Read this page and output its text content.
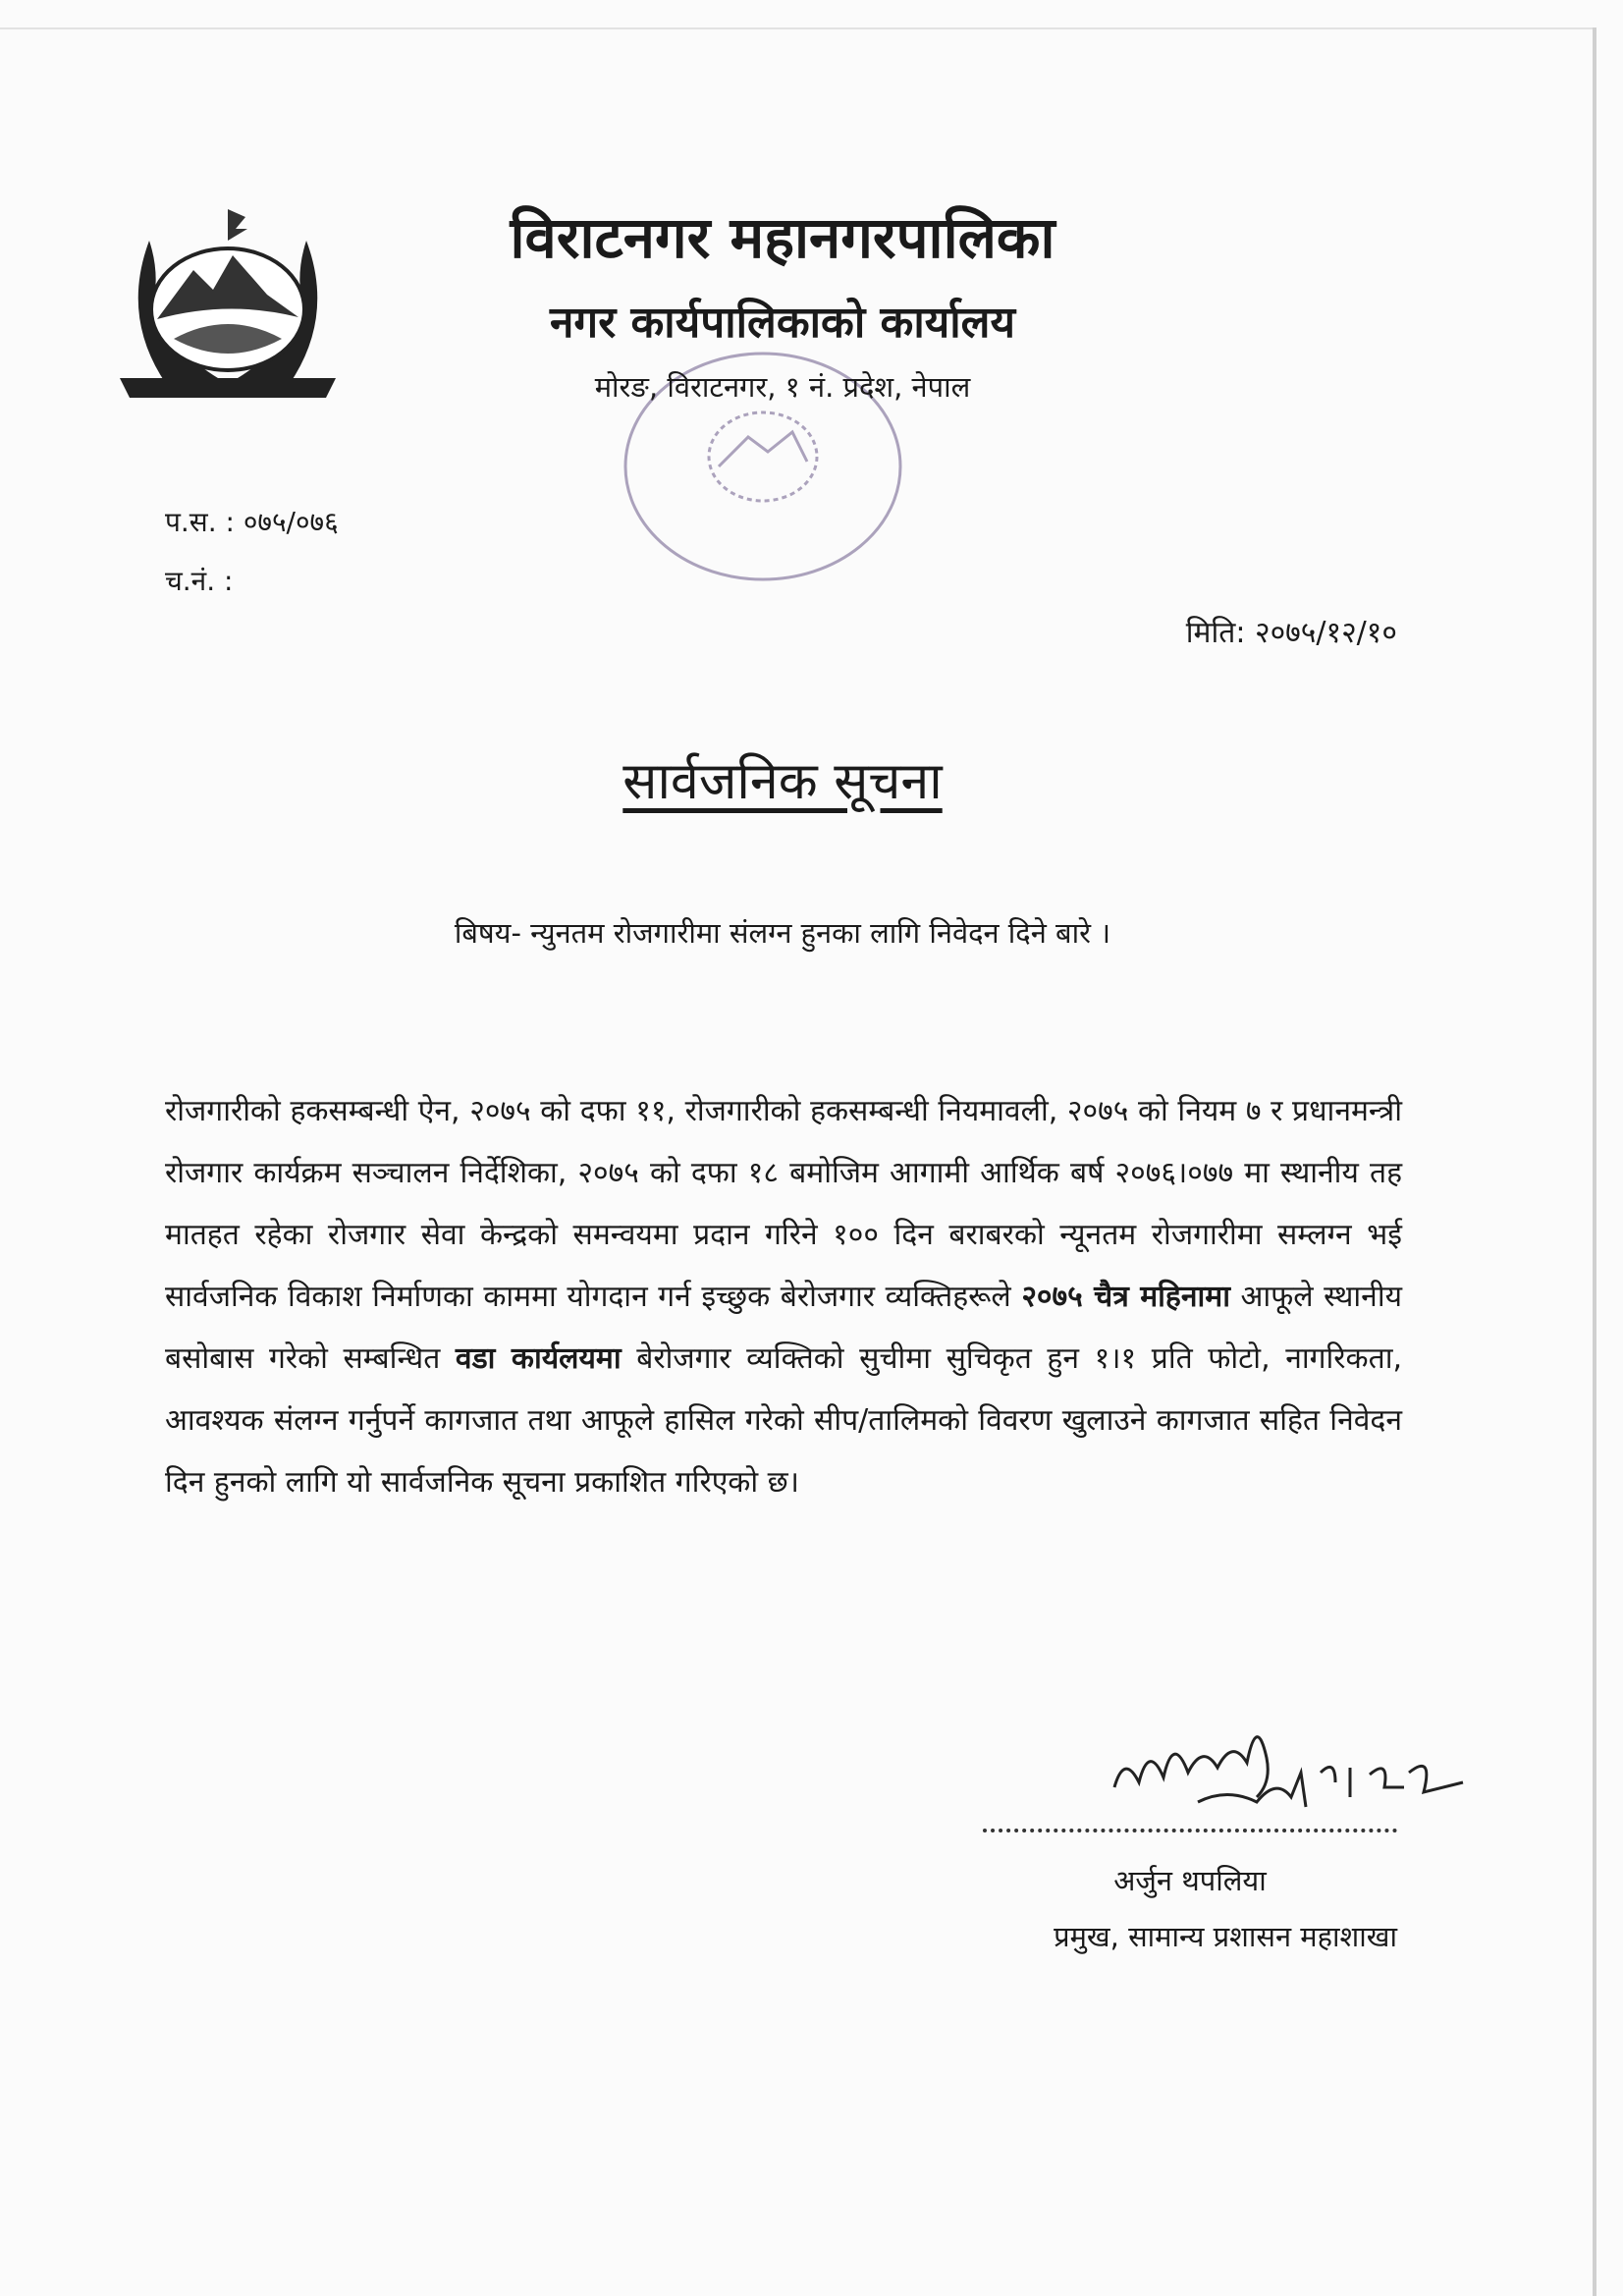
विराटनगर महानगरपालिका
नगर कार्यपालिकाको कार्यालय
मोरङ, विराटनगर, १ नं. प्रदेश, नेपाल
प.स. : ०७५/०७६
च.नं. :
मिति: २०७५/१२/१०
सार्वजनिक सूचना
बिषय- न्युनतम रोजगारीमा संलग्न हुनका लागि निवेदन दिने बारे ।
रोजगारीको हकसम्बन्धी ऐन, २०७५ को दफा ११, रोजगारीको हकसम्बन्धी नियमावली, २०७५ को नियम ७ र प्रधानमन्त्री रोजगार कार्यक्रम सञ्चालन निर्देशिका, २०७५ को दफा १८ बमोजिम आगामी आर्थिक बर्ष २०७६।०७७ मा स्थानीय तह मातहत रहेका रोजगार सेवा केन्द्रको समन्वयमा प्रदान गरिने १०० दिन बराबरको न्यूनतम रोजगारीमा सम्लग्न भई सार्वजनिक विकाश निर्माणका काममा योगदान गर्न इच्छुक बेरोजगार व्यक्तिहरूले २०७५ चैत्र महिनामा आफूले स्थानीय बसोबास गरेको सम्बन्धित वडा कार्यलयमा बेरोजगार व्यक्तिको सुचीमा सुचिकृत हुन १।१ प्रति फोटो, नागरिकता, आवश्यक संलग्न गर्नुपर्ने कागजात तथा आफूले हासिल गरेको सीप/तालिमको विवरण खुलाउने कागजात सहित निवेदन दिन हुनको लागि यो सार्वजनिक सूचना प्रकाशित गरिएको छ।
अर्जुन थपलिया
प्रमुख, सामान्य प्रशासन महाशाखा
